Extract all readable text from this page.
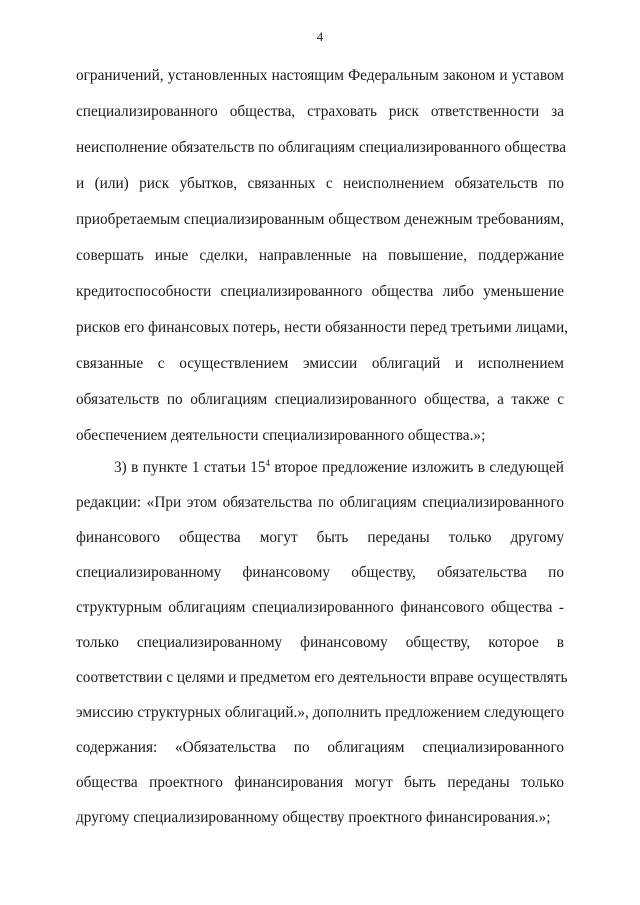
4
ограничений, установленных настоящим Федеральным законом и уставом
специализированного общества, страховать риск ответственности за
неисполнение обязательств по облигациям специализированного общества
и (или) риск убытков, связанных с неисполнением обязательств по
приобретаемым специализированным обществом денежным требованиям,
совершать иные сделки, направленные на повышение, поддержание
кредитоспособности специализированного общества либо уменьшение
рисков его финансовых потерь, нести обязанности перед третьими лицами,
связанные с осуществлением эмиссии облигаций и исполнением
обязательств по облигациям специализированного общества, а также с
обеспечением деятельности специализированного общества.»;
3) в пункте 1 статьи $15^4$ второе предложение изложить в следующей
редакции: «При этом обязательства по облигациям специализированного
финансового общества могут быть переданы только другому
специализированному финансовому обществу, обязательства по
структурным облигациям специализированного финансового общества -
только специализированному финансовому обществу, которое в
соответствии с целями и предметом его деятельности вправе осуществлять
эмиссию структурных облигаций.», дополнить предложением следующего
содержания: «Обязательства по облигациям специализированного
общества проектного финансирования могут быть переданы только
другому специализированному обществу проектного финансирования.»;
